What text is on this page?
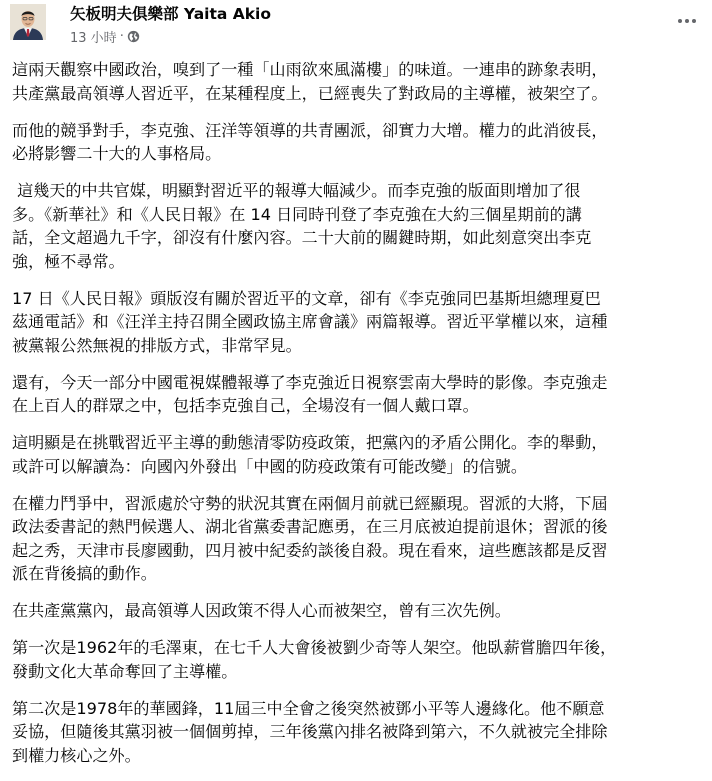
矢板明夫俱樂部 Yaita Akio
13 小時 ·

這兩天觀察中國政治，嗅到了一種「山雨欲來風滿樓」的味道。一連串的跡象表明，
共產黨最高領導人習近平，在某種程度上，已經喪失了對政局的主導權，被架空了。

而他的競爭對手，李克強、汪洋等領導的共青團派，卻實力大增。權力的此消彼長，
必將影響二十大的人事格局。

這幾天的中共官媒，明顯對習近平的報導大幅減少。而李克強的版面則增加了很
多。《新華社》和《人民日報》在 14 日同時刊登了李克強在大約三個星期前的講
話，全文超過九千字，卻沒有什麼內容。二十大前的關鍵時期，如此刻意突出李克
強，極不尋常。

17 日《人民日報》頭版沒有關於習近平的文章，卻有《李克強同巴基斯坦總理夏巴
茲通電話》和《汪洋主持召開全國政協主席會議》兩篇報導。習近平掌權以來，這種
被黨報公然無視的排版方式，非常罕見。

還有，今天一部分中國電視媒體報導了李克強近日視察雲南大學時的影像。李克強走
在上百人的群眾之中，包括李克強自己，全場沒有一個人戴口罩。

這明顯是在挑戰習近平主導的動態清零防疫政策，把黨內的矛盾公開化。李的舉動，
或許可以解讀為：向國內外發出「中國的防疫政策有可能改變」的信號。

在權力鬥爭中，習派處於守勢的狀況其實在兩個月前就已經顯現。習派的大將，下屆
政法委書記的熱門候選人、湖北省黨委書記應勇，在三月底被迫提前退休；習派的後
起之秀，天津市長廖國動，四月被中紀委約談後自殺。現在看來，這些應該都是反習
派在背後搞的動作。

在共產黨黨內，最高領導人因政策不得人心而被架空，曾有三次先例。

第一次是1962年的毛澤東，在七千人大會後被劉少奇等人架空。他臥薪嘗膽四年後，
發動文化大革命奪回了主導權。

第二次是1978年的華國鋒，11屆三中全會之後突然被鄧小平等人邊緣化。他不願意
妥協，但隨後其黨羽被一個個剪掉，三年後黨內排名被降到第六，不久就被完全排除
到權力核心之外。
